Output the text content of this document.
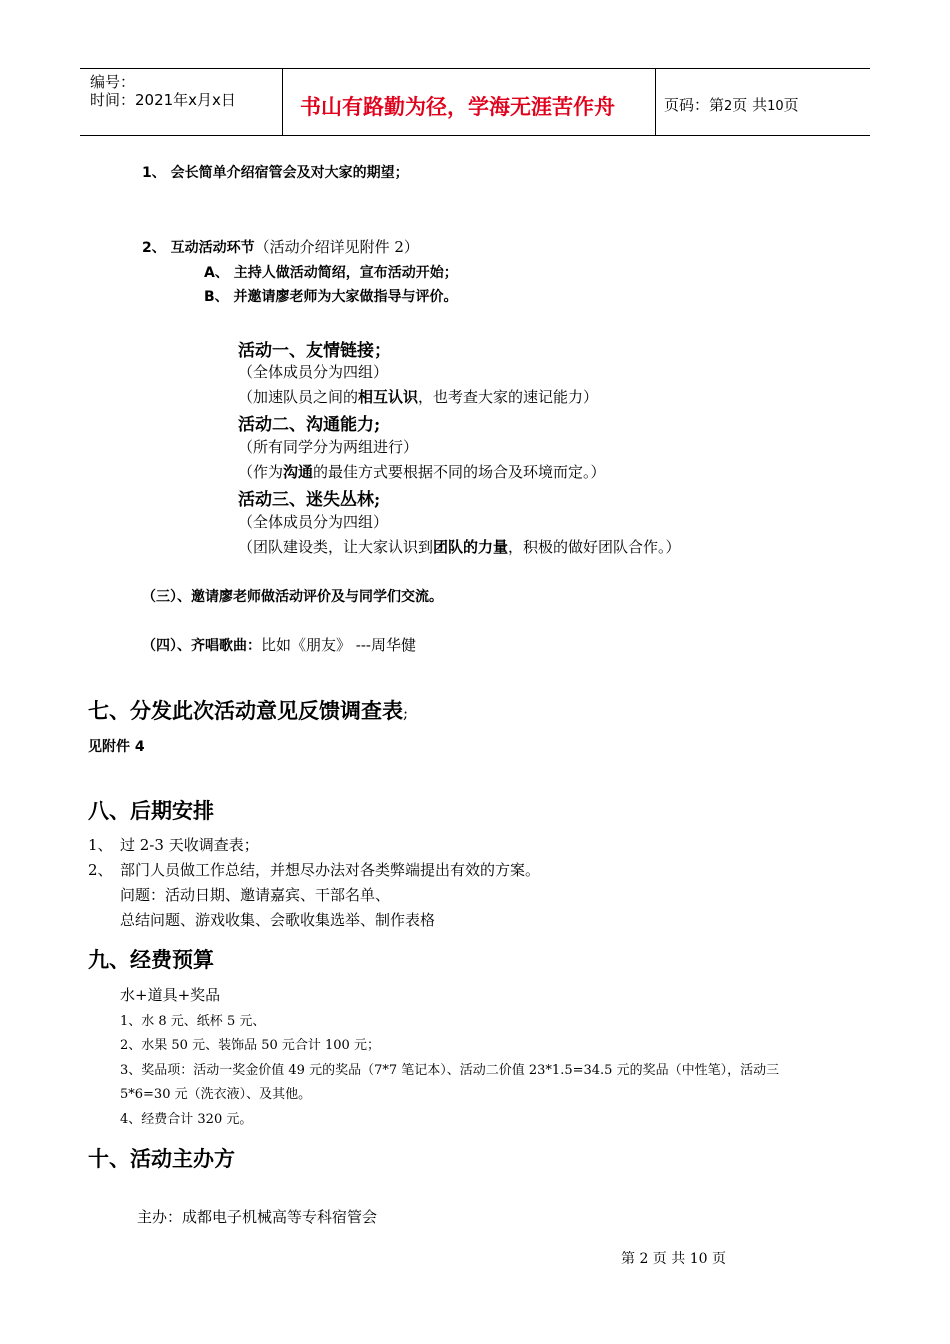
编号：
时间：2021年x月x日	书山有路勤为径，学海无涯苦作舟	页码：第2页 共10页
1、 会长简单介绍宿管会及对大家的期望；
2、 互动活动环节（活动介绍详见附件 2）
A、 主持人做活动简绍，宣布活动开始；
B、 并邀请廖老师为大家做指导与评价。
活动一、友情链接；
（全体成员分为四组）
（加速队员之间的相互认识，也考查大家的速记能力）
活动二、沟通能力;
（所有同学分为两组进行）
（作为沟通的最佳方式要根据不同的场合及环境而定。）
活动三、迷失丛林;
（全体成员分为四组）
（团队建设类，让大家认识到团队的力量，积极的做好团队合作。）
（三）、邀请廖老师做活动评价及与同学们交流。
（四）、齐唱歌曲：比如《朋友》 ---周华健
七、分发此次活动意见反馈调查表;
见附件 4
八、后期安排
1、 过 2-3 天收调查表；
2、 部门人员做工作总结，并想尽办法对各类弊端提出有效的方案。
问题：活动日期、邀请嘉宾、干部名单、
总结问题、游戏收集、会歌收集选举、制作表格
九、经费预算
水+道具+奖品
1、水 8 元、纸杯 5 元、
2、水果 50 元、装饰品 50 元合计 100 元；
3、奖品项：活动一奖金价值 49 元的奖品（7*7 笔记本）、活动二价值 23*1.5=34.5 元的奖品（中性笔），活动三
5*6=30 元（洗衣液）、及其他。
4、经费合计 320 元。
十、活动主办方
主办：成都电子机械高等专科宿管会
第 2 页 共 10 页
